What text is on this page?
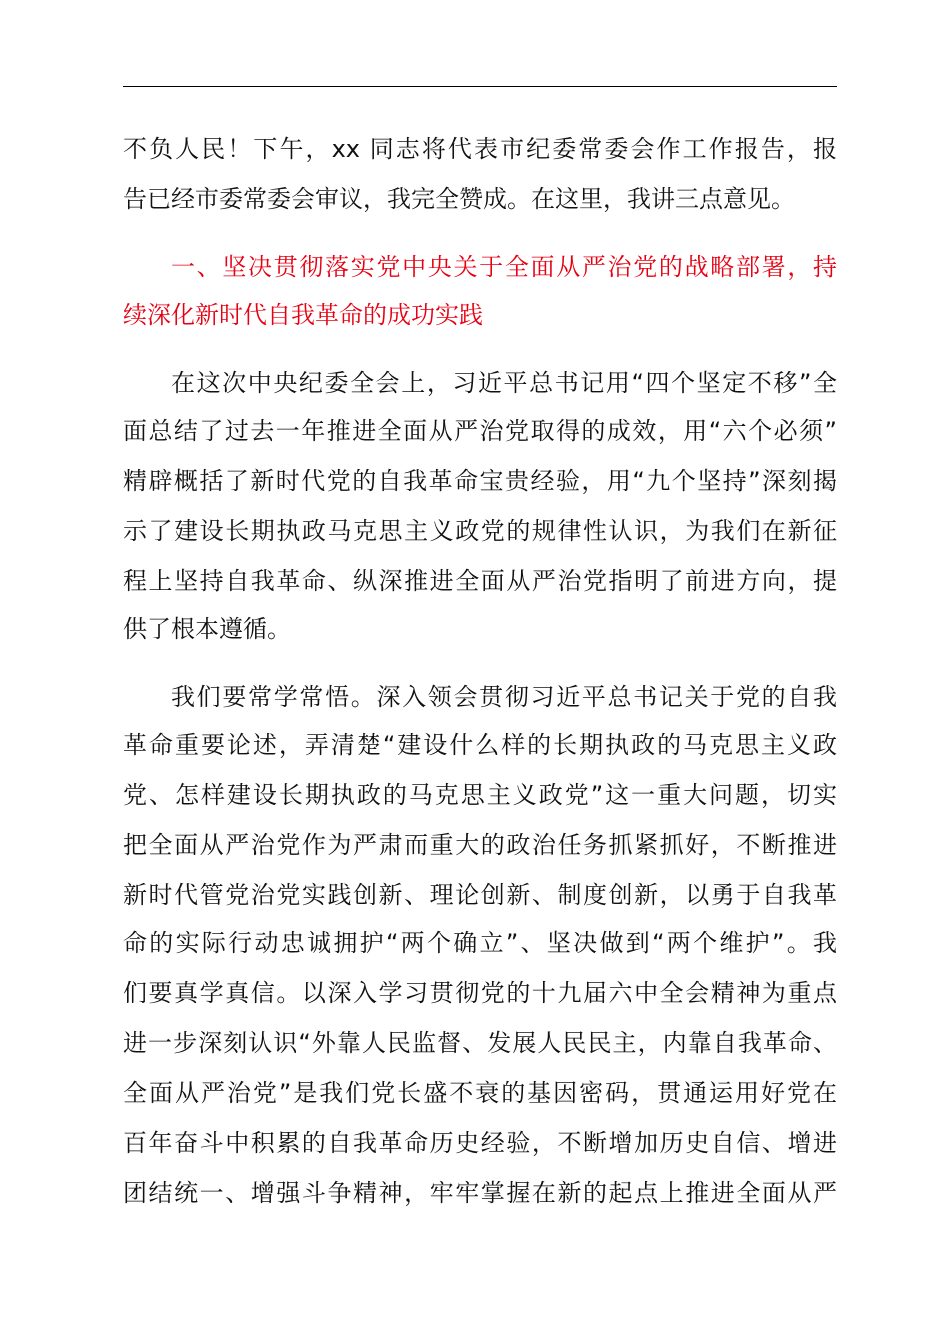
不负人民！下午，xx 同志将代表市纪委常委会作工作报告，报
告已经市委常委会审议，我完全赞成。在这里，我讲三点意见。
一、坚决贯彻落实党中央关于全面从严治党的战略部署，持
续深化新时代自我革命的成功实践
在这次中央纪委全会上，习近平总书记用“四个坚定不移”全
面总结了过去一年推进全面从严治党取得的成效，用“六个必须”
精辟概括了新时代党的自我革命宝贵经验，用“九个坚持”深刻揭
示了建设长期执政马克思主义政党的规律性认识，为我们在新征
程上坚持自我革命、纵深推进全面从严治党指明了前进方向，提
供了根本遵循。
我们要常学常悟。深入领会贯彻习近平总书记关于党的自我
革命重要论述，弄清楚“建设什么样的长期执政的马克思主义政
党、怎样建设长期执政的马克思主义政党”这一重大问题，切实
把全面从严治党作为严肃而重大的政治任务抓紧抓好，不断推进
新时代管党治党实践创新、理论创新、制度创新，以勇于自我革
命的实际行动忠诚拥护“两个确立”、坚决做到“两个维护”。我
们要真学真信。以深入学习贯彻党的十九届六中全会精神为重点
进一步深刻认识“外靠人民监督、发展人民民主，内靠自我革命、
全面从严治党”是我们党长盛不衰的基因密码，贯通运用好党在
百年奋斗中积累的自我革命历史经验，不断增加历史自信、增进
团结统一、增强斗争精神，牢牢掌握在新的起点上推进全面从严
